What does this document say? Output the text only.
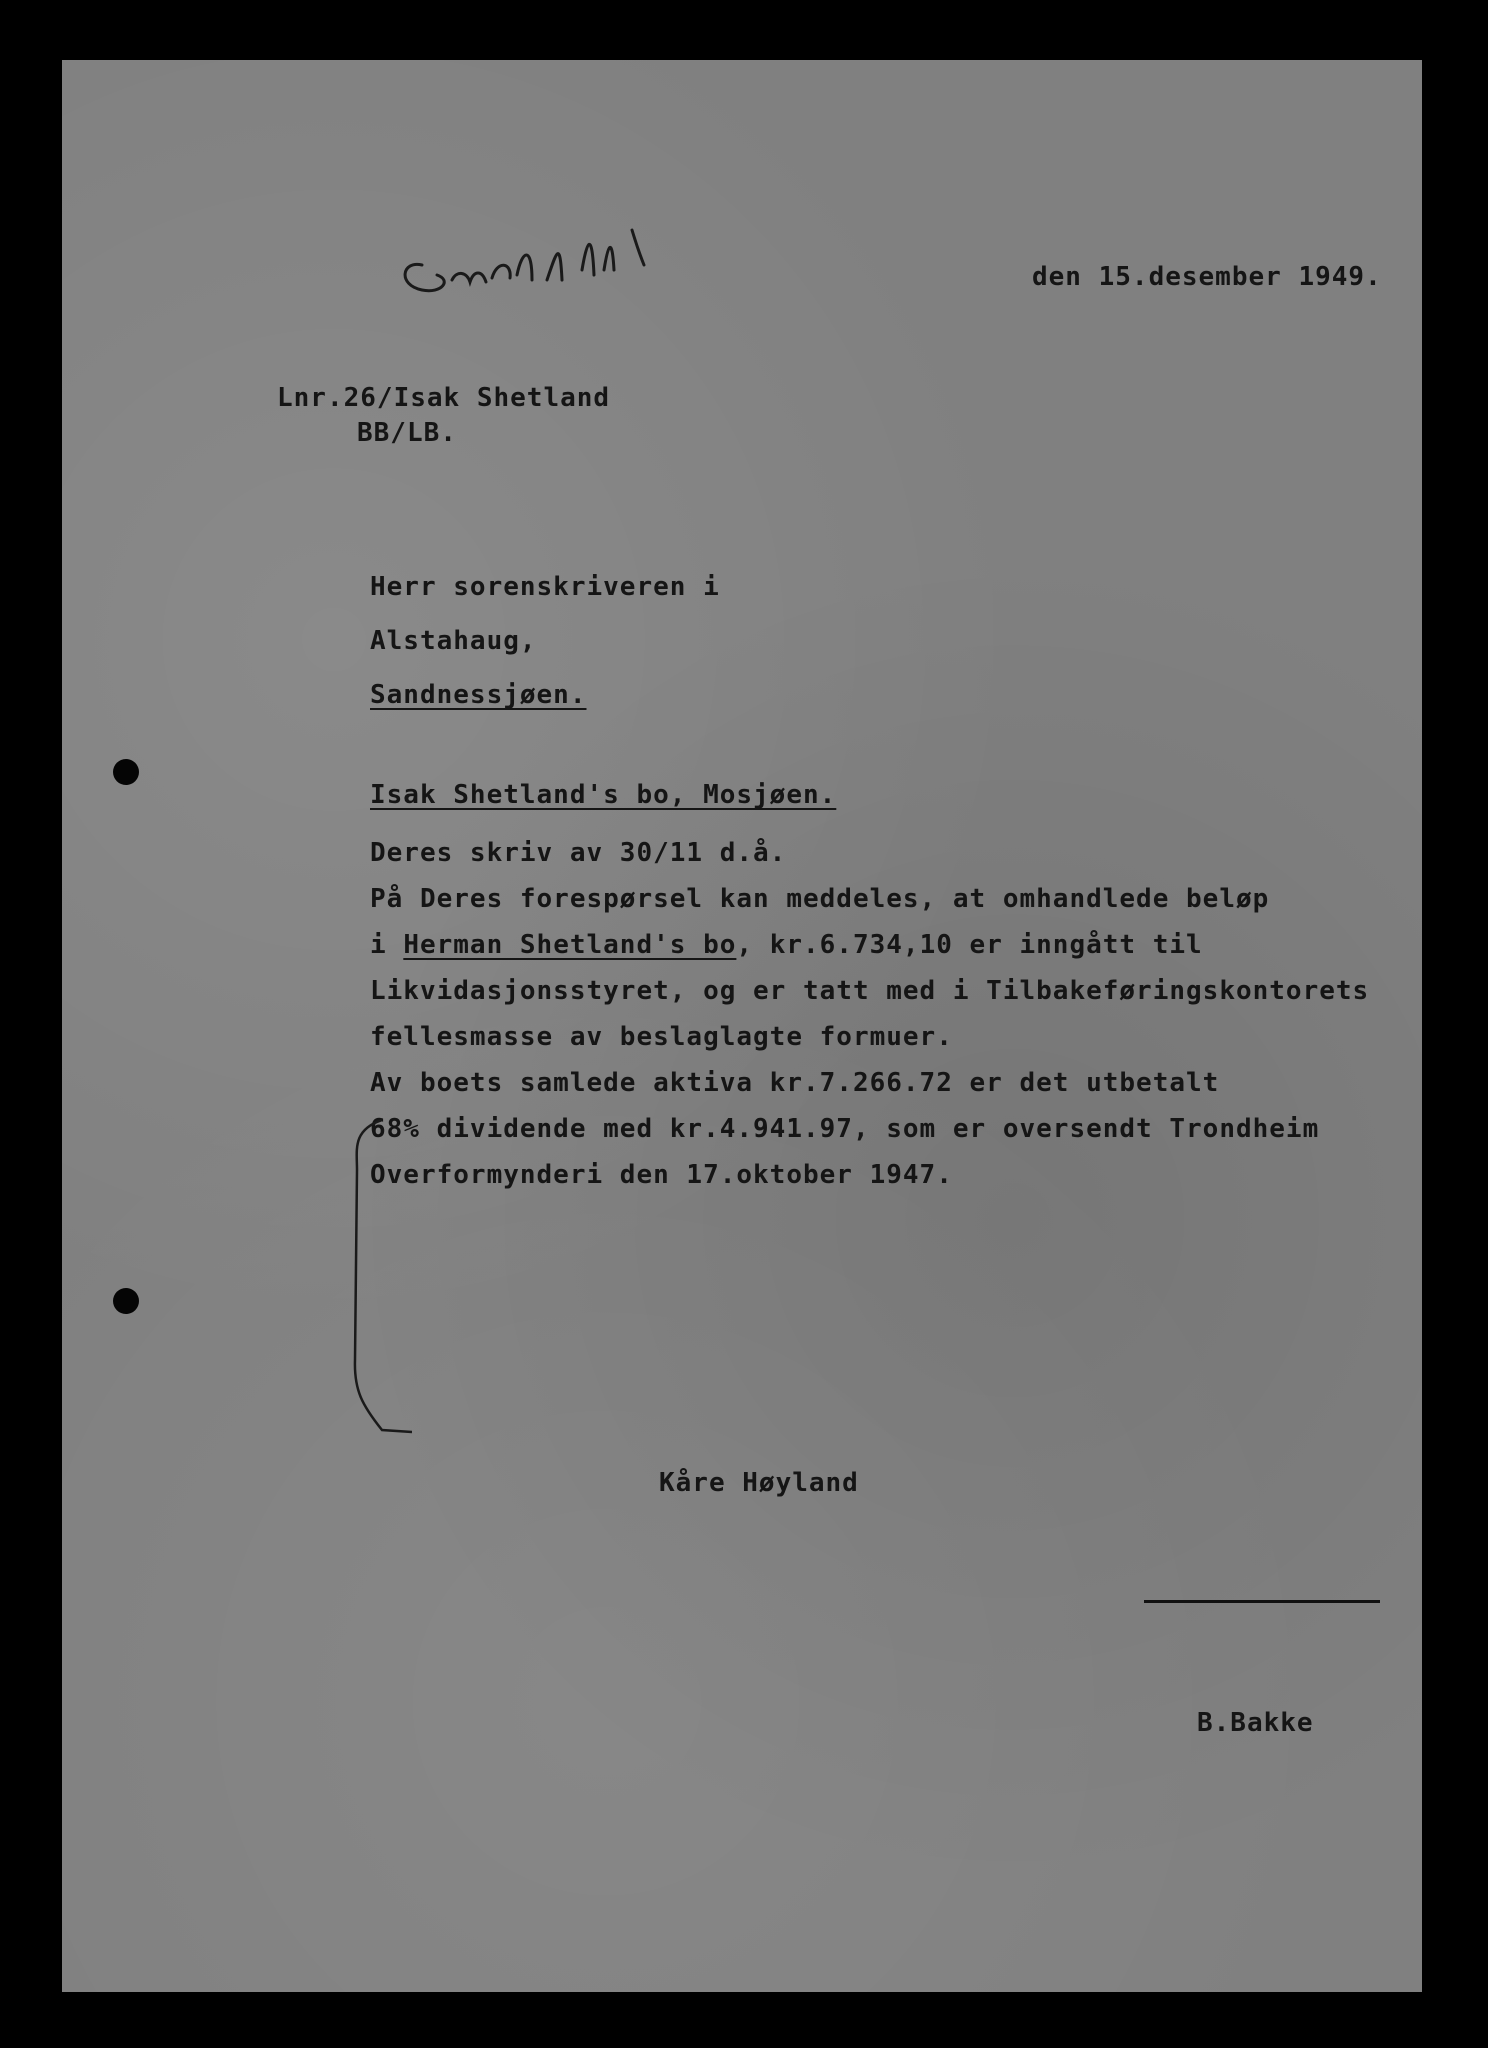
den 15.desember 1949.
Lnr.26/Isak Shetland
BB/LB.
Herr sorenskriveren i
Alstahaug,
Sandnessjøen.
Isak Shetland's bo, Mosjøen.
Deres skriv av 30/11 d.å.
På Deres forespørsel kan meddeles, at omhandlede beløp
i Herman Shetland's bo, kr.6.734,10 er inngått til
Likvidasjonsstyret, og er tatt med i Tilbakeføringskontorets
fellesmasse av beslaglagte formuer.
Av boets samlede aktiva kr.7.266.72 er det utbetalt
68% dividende med kr.4.941.97, som er oversendt Trondheim
Overformynderi den 17.oktober 1947.
Kåre Høyland
B.Bakke
